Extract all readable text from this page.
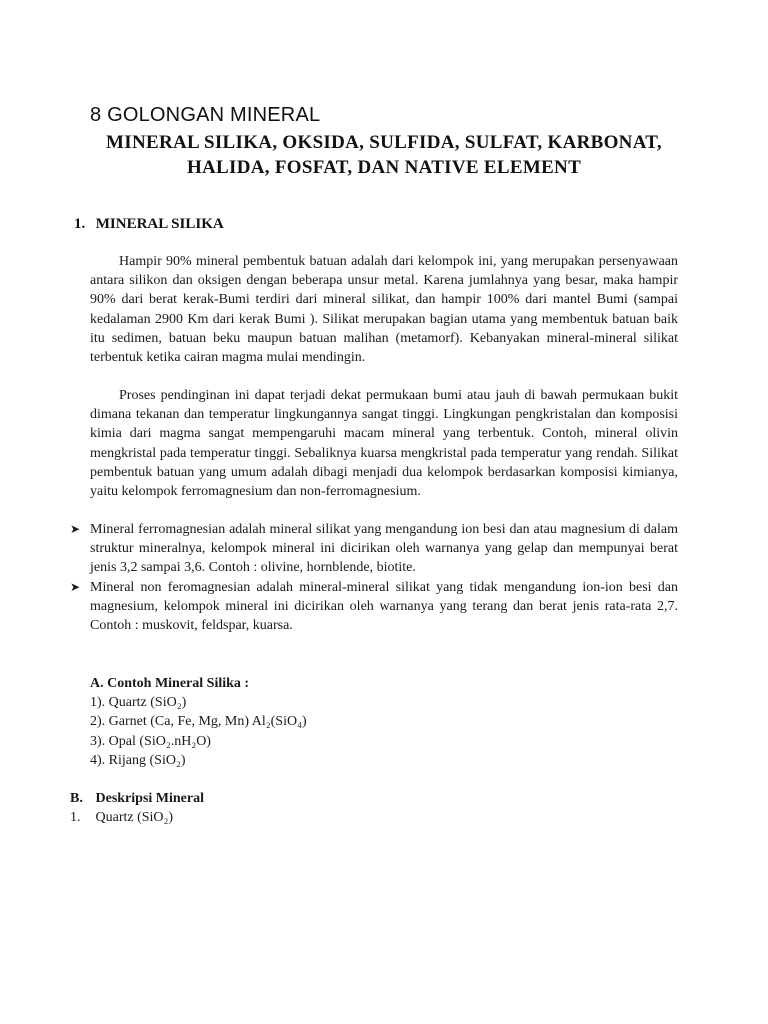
8 GOLONGAN MINERAL
MINERAL SILIKA, OKSIDA, SULFIDA, SULFAT, KARBONAT,
HALIDA, FOSFAT, DAN NATIVE ELEMENT
1. MINERAL SILIKA

Hampir 90% mineral pembentuk batuan adalah dari kelompok ini, yang merupakan persenyawaan antara silikon dan oksigen dengan beberapa unsur metal. Karena jumlahnya yang besar, maka hampir 90% dari berat kerak-Bumi terdiri dari mineral silikat, dan hampir 100% dari mantel Bumi (sampai kedalaman 2900 Km dari kerak Bumi ). Silikat merupakan bagian utama yang membentuk batuan baik itu sedimen, batuan beku maupun batuan malihan (metamorf). Kebanyakan mineral-mineral silikat terbentuk ketika cairan magma mulai mendingin.

Proses pendinginan ini dapat terjadi dekat permukaan bumi atau jauh di bawah permukaan bukit dimana tekanan dan temperatur lingkungannya sangat tinggi. Lingkungan pengkristalan dan komposisi kimia dari magma sangat mempengaruhi macam mineral yang terbentuk. Contoh, mineral olivin mengkristal pada temperatur tinggi. Sebaliknya kuarsa mengkristal pada temperatur yang rendah. Silikat pembentuk batuan yang umum adalah dibagi menjadi dua kelompok berdasarkan komposisi kimianya, yaitu kelompok ferromagnesium dan non-ferromagnesium.

➤ Mineral ferromagnesian adalah mineral silikat yang mengandung ion besi dan atau magnesium di dalam struktur mineralnya, kelompok mineral ini dicirikan oleh warnanya yang gelap dan mempunyai berat jenis 3,2 sampai 3,6. Contoh : olivine, hornblende, biotite.
➤ Mineral non feromagnesian adalah mineral-mineral silikat yang tidak mengandung ion-ion besi dan magnesium, kelompok mineral ini dicirikan oleh warnanya yang terang dan berat jenis rata-rata 2,7. Contoh : muskovit, feldspar, kuarsa.
A. Contoh Mineral Silika :
1). Quartz (SiO₂)
2). Garnet (Ca, Fe, Mg, Mn) Al₂(SiO₄)
3). Opal (SiO₂.nH₂O)
4). Rijang (SiO₂)
B. Deskripsi Mineral
1. Quartz (SiO₂)
